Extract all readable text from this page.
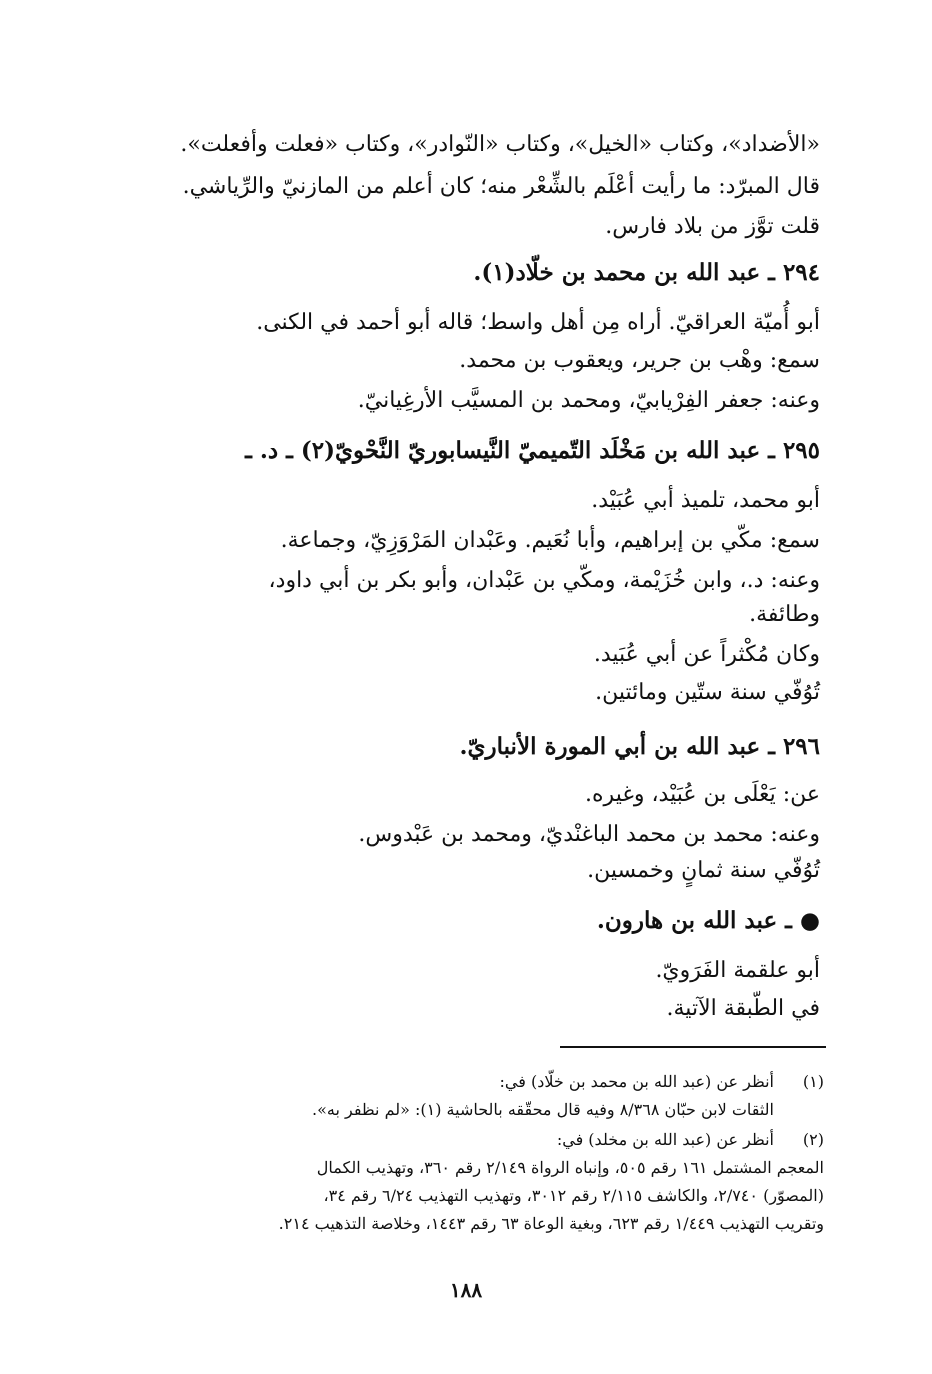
«الأضداد»، وكتاب «الخيل»، وكتاب «النّوادر»، وكتاب «فعلت وأفعلت».
قال المبرّد: ما رأيت أعْلَم بالشِّعْر منه؛ كان أعلم من المازنيّ والرِّياشي.
قلت توَّز من بلاد فارس.
٢٩٤ ـ عبد الله بن محمد بن خلّاد(١).
أبو أُميّة العراقيّ. أراه مِن أهل واسط؛ قاله أبو أحمد في الكنى.
سمع: وهْب بن جرير، ويعقوب بن محمد.
وعنه: جعفر الفِرْيابيّ، ومحمد بن المسيَّب الأرغِيانيّ.
٢٩٥ ـ عبد الله بن مَخْلَد التّميميّ النَّيسابوريّ النَّحْويّ(٢) ـ د. ـ
أبو محمد، تلميذ أبي عُبَيْد.
سمع: مكّي بن إبراهيم، وأبا نُعَيم. وعَبْدان المَرْوَزِيّ، وجماعة.
وعنه: د.، وابن خُزَيْمة، ومكّي بن عَبْدان، وأبو بكر بن أبي داود،
وطائفة.
وكان مُكْثراً عن أبي عُبَيد.
تُوُفّي سنة ستّين ومائتين.
٢٩٦ ـ عبد الله بن أبي المورة الأنباريّ.
عن: يَعْلَى بن عُبَيْد، وغيره.
وعنه: محمد بن محمد الباغنْديّ، ومحمد بن عَبْدوس.
تُوُفّي سنة ثمانٍ وخمسين.
● ـ عبد الله بن هارون.
أبو علقمة الفَرَويّ.
في الطّبقة الآتية.
(١)
أنظر عن (عبد الله بن محمد بن خلّاد) في:
الثقات لابن حبّان ٨/٣٦٨ وفيه قال محقّقه بالحاشية (١): «لم نظفر به».
(٢)
أنظر عن (عبد الله بن مخلد) في:
المعجم المشتمل ١٦١ رقم ٥٠٥، وإنباه الرواة ٢/١٤٩ رقم ٣٦٠، وتهذيب الكمال
(المصوّر) ٢/٧٤٠، والكاشف ٢/١١٥ رقم ٣٠١٢، وتهذيب التهذيب ٦/٢٤ رقم ٣٤،
وتقريب التهذيب ١/٤٤٩ رقم ٦٢٣، وبغية الوعاة ٦٣ رقم ١٤٤٣، وخلاصة التذهيب ٢١٤.
١٨٨
